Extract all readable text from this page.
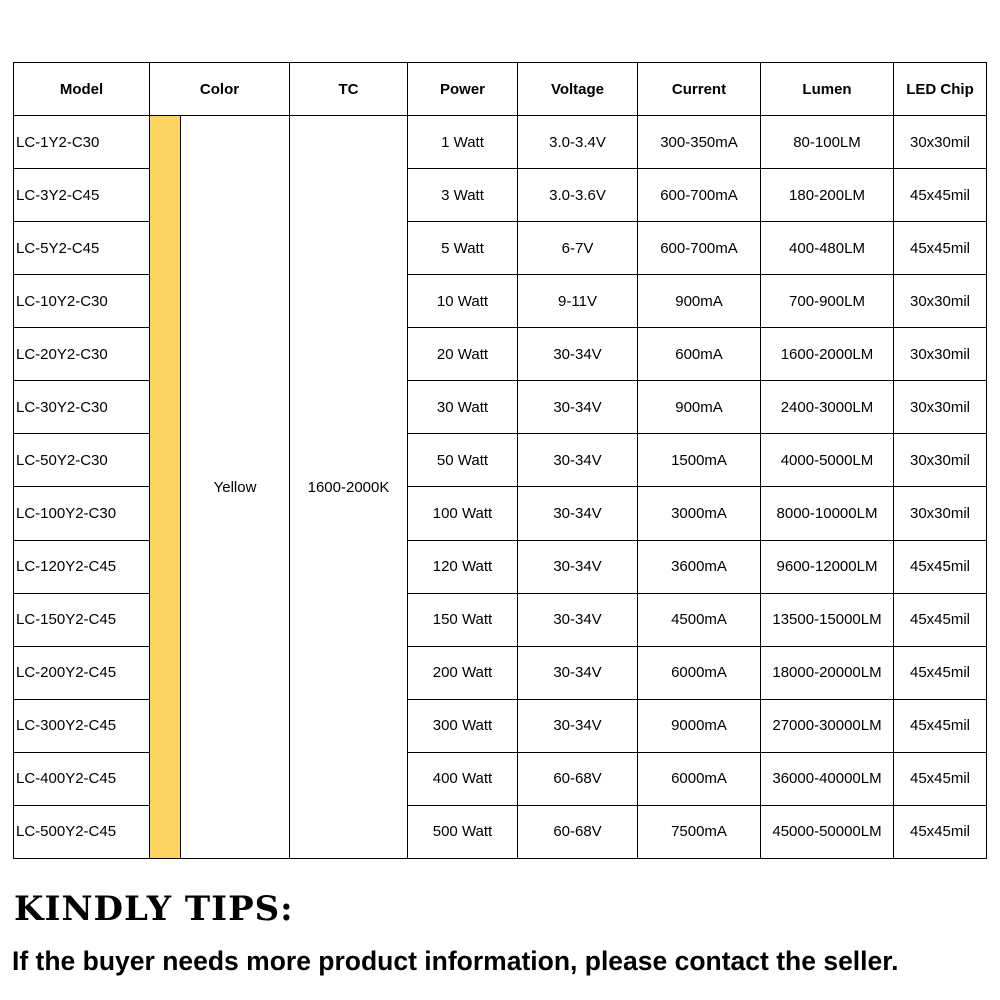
Model	Color	TC	Power	Voltage	Current	Lumen	LED Chip
LC-1Y2-C30	Yellow	1600-2000K	1 Watt	3.0-3.4V	300-350mA	80-100LM	30x30mil
LC-3Y2-C45			3 Watt	3.0-3.6V	600-700mA	180-200LM	45x45mil
LC-5Y2-C45			5 Watt	6-7V	600-700mA	400-480LM	45x45mil
LC-10Y2-C30			10 Watt	9-11V	900mA	700-900LM	30x30mil
LC-20Y2-C30			20 Watt	30-34V	600mA	1600-2000LM	30x30mil
LC-30Y2-C30			30 Watt	30-34V	900mA	2400-3000LM	30x30mil
LC-50Y2-C30			50 Watt	30-34V	1500mA	4000-5000LM	30x30mil
LC-100Y2-C30			100 Watt	30-34V	3000mA	8000-10000LM	30x30mil
LC-120Y2-C45			120 Watt	30-34V	3600mA	9600-12000LM	45x45mil
LC-150Y2-C45			150 Watt	30-34V	4500mA	13500-15000LM	45x45mil
LC-200Y2-C45			200 Watt	30-34V	6000mA	18000-20000LM	45x45mil
LC-300Y2-C45			300 Watt	30-34V	9000mA	27000-30000LM	45x45mil
LC-400Y2-C45			400 Watt	60-68V	6000mA	36000-40000LM	45x45mil
LC-500Y2-C45			500 Watt	60-68V	7500mA	45000-50000LM	45x45mil
KINDLY TIPS:

If the buyer needs more product information, please contact the seller.
